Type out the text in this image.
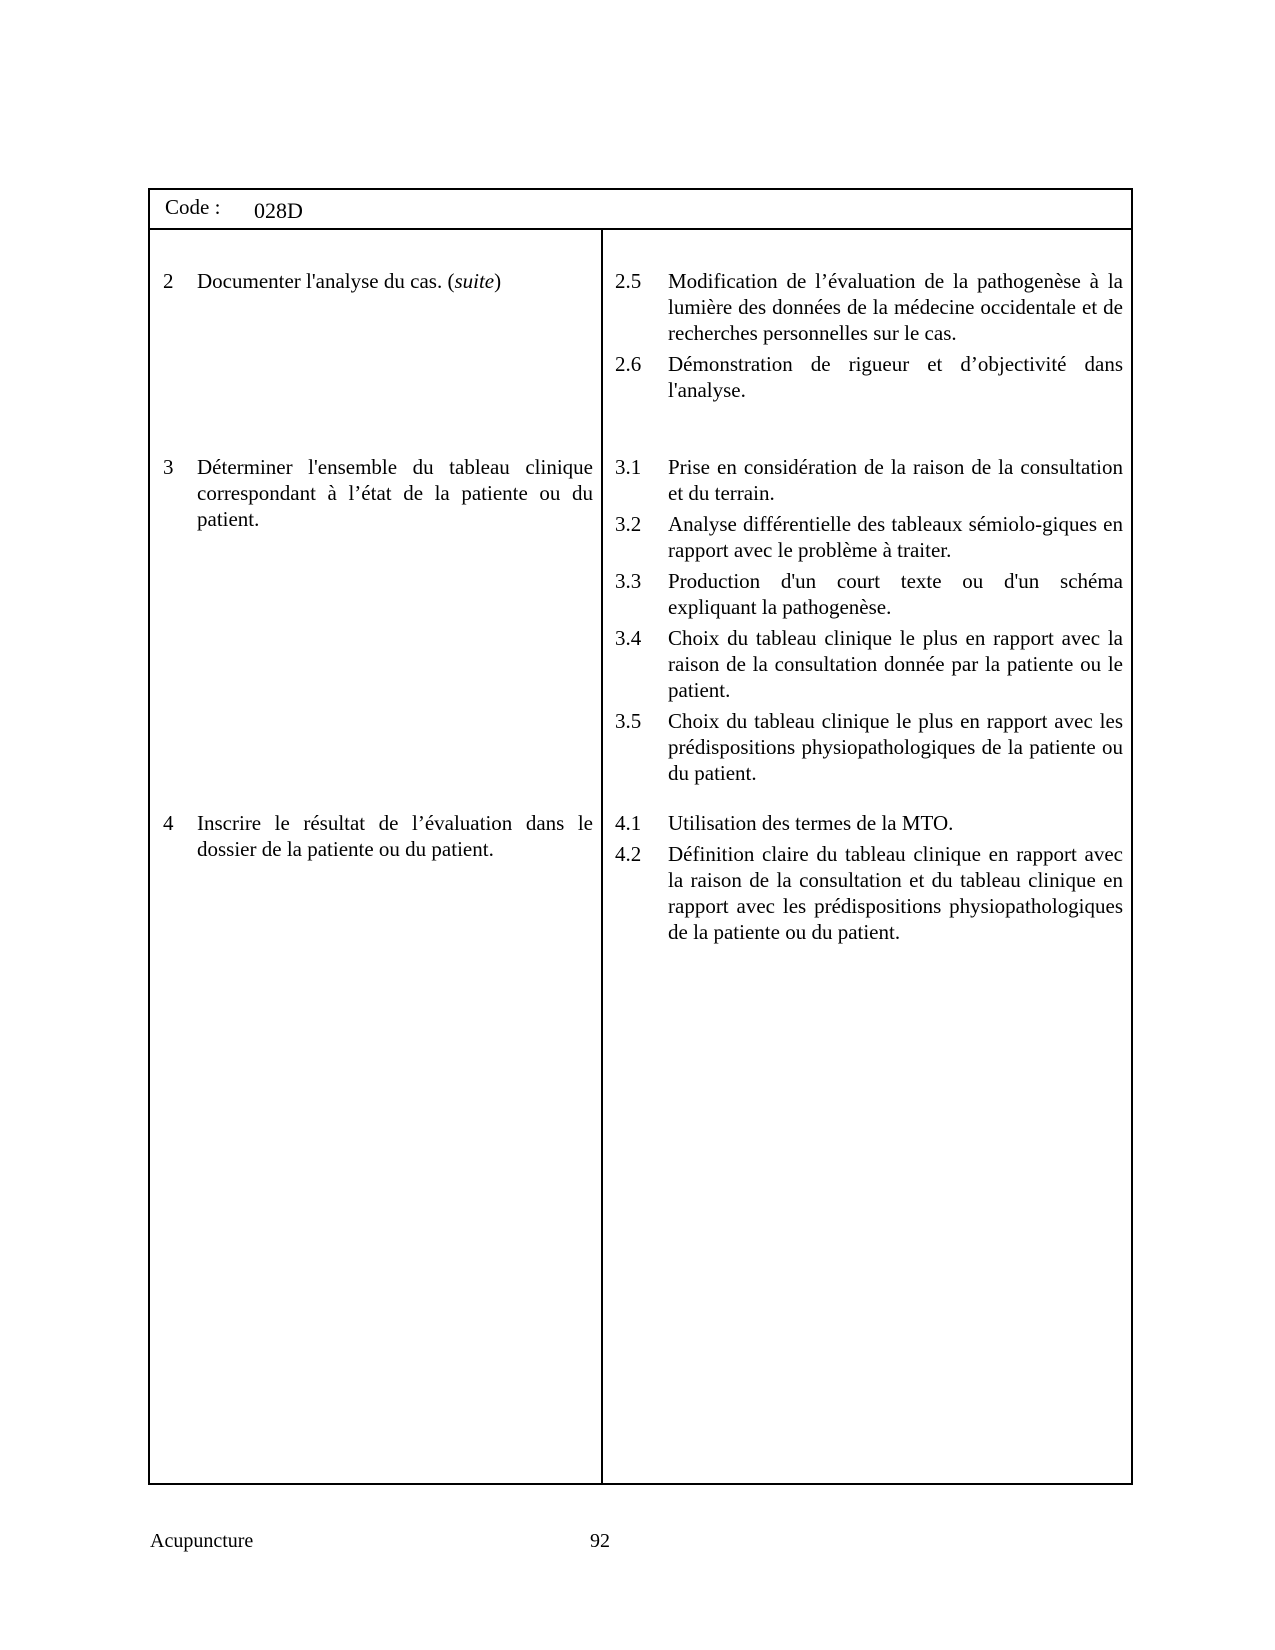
Code : 028D
2 Documenter l'analyse du cas. (suite)	2.5 Modification de l’évaluation de la pathogenèse à la lumière des données de la médecine occidentale et de recherches personnelles sur le cas.
2.6 Démonstration de rigueur et d’objectivité dans l'analyse.
3 Déterminer l'ensemble du tableau clinique correspondant à l’état de la patiente ou du patient.
3.1 Prise en considération de la raison de la consultation et du terrain.
3.2 Analyse différentielle des tableaux sémiolo-giques en rapport avec le problème à traiter.
3.3 Production d'un court texte ou d'un schéma expliquant la pathogenèse.
3.4 Choix du tableau clinique le plus en rapport avec la raison de la consultation donnée par la patiente ou le patient.
3.5 Choix du tableau clinique le plus en rapport avec les prédispositions physiopathologiques de la patiente ou du patient.
4 Inscrire le résultat de l’évaluation dans le dossier de la patiente ou du patient.
4.1 Utilisation des termes de la MTO.
4.2 Définition claire du tableau clinique en rapport avec la raison de la consultation et du tableau clinique en rapport avec les prédispositions physiopathologiques de la patiente ou du patient.
Acupuncture	92
